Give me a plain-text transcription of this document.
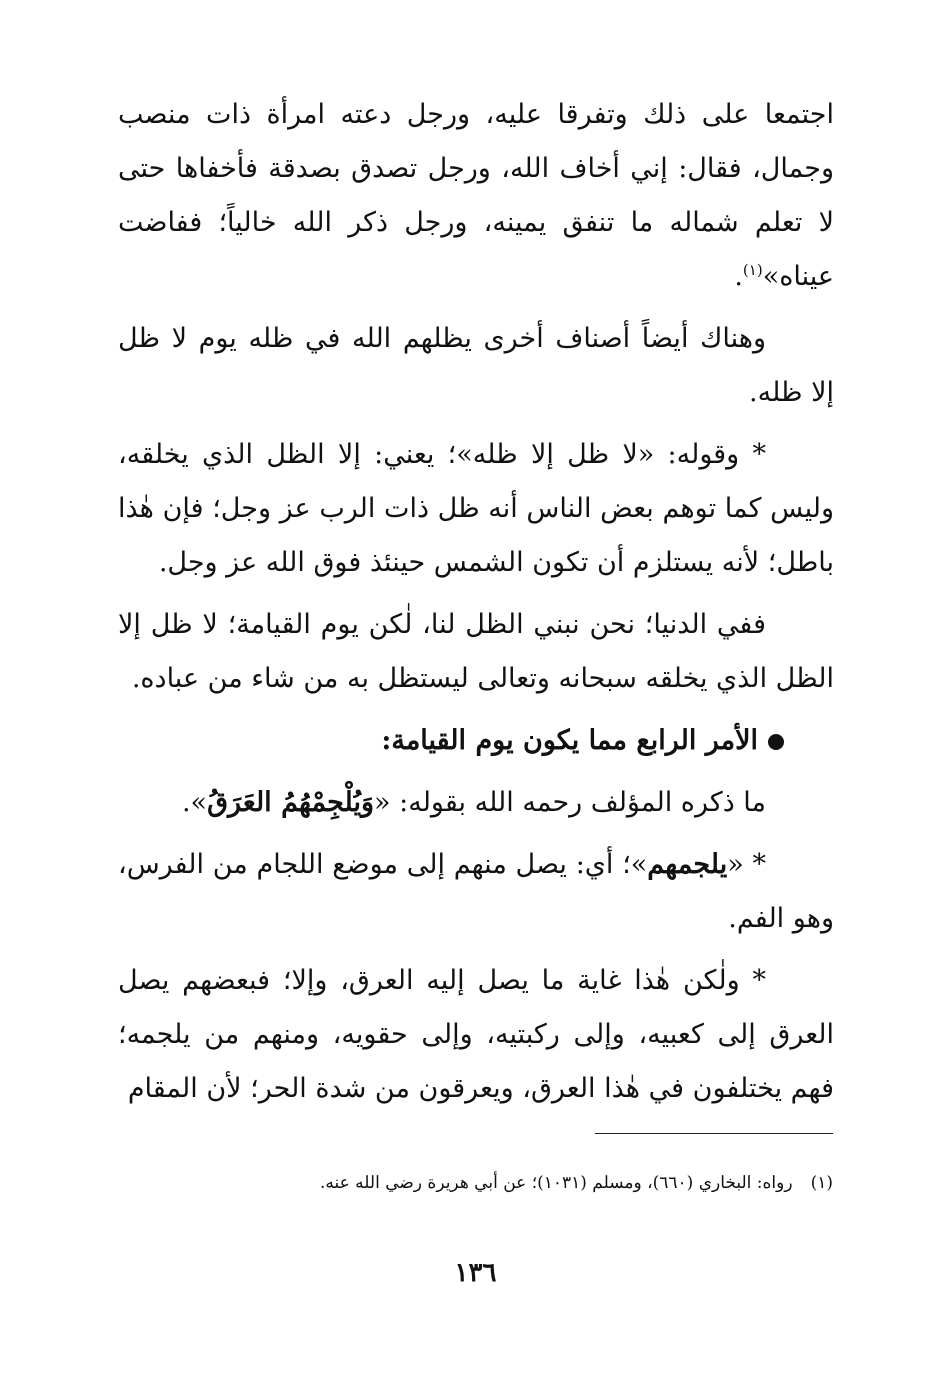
اجتمعا على ذلك وتفرقا عليه، ورجل دعته امرأة ذات منصب وجمال، فقال: إني أخاف الله، ورجل تصدق بصدقة فأخفاها حتى لا تعلم شماله ما تنفق يمينه، ورجل ذكر الله خالياً؛ ففاضت عيناه»$^{(١)}$.

وهناك أيضاً أصناف أخرى يظلهم الله في ظله يوم لا ظل إلا ظله.

* وقوله: «لا ظل إلا ظله»؛ يعني: إلا الظل الذي يخلقه، وليس كما توهم بعض الناس أنه ظل ذات الرب عز وجل؛ فإن هٰذا باطل؛ لأنه يستلزم أن تكون الشمس حينئذ فوق الله عز وجل.

ففي الدنيا؛ نحن نبني الظل لنا، لٰكن يوم القيامة؛ لا ظل إلا الظل الذي يخلقه سبحانه وتعالى ليستظل به من شاء من عباده.

الأمر الرابع مما يكون يوم القيامة:

ما ذكره المؤلف رحمه الله بقوله: «وَيُلْجِمْهُمُ العَرَقُ».

* «يلجمهم»؛ أي: يصل منهم إلى موضع اللجام من الفرس، وهو الفم.

* ولٰكن هٰذا غاية ما يصل إليه العرق، وإلا؛ فبعضهم يصل العرق إلى كعبيه، وإلى ركبتيه، وإلى حقويه، ومنهم من يلجمه؛ فهم يختلفون في هٰذا العرق، ويعرقون من شدة الحر؛ لأن المقام

(١)رواه: البخاري (٦٦٠)، ومسلم (١٠٣١)؛ عن أبي هريرة رضي الله عنه.
١٣٦
